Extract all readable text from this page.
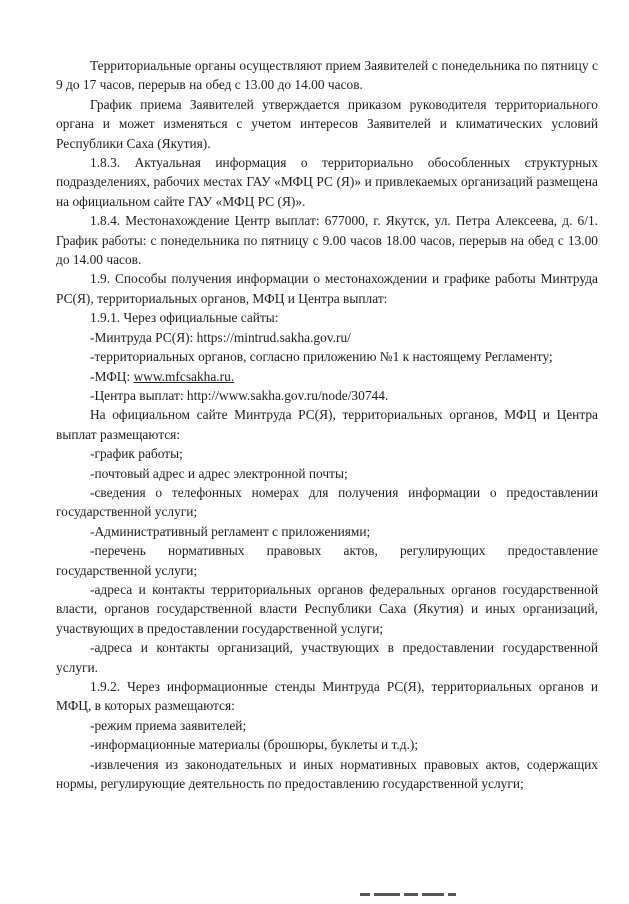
Территориальные органы осуществляют прием Заявителей с понедельника по пятницу с 9 до 17 часов, перерыв на обед с 13.00 до 14.00 часов.

График приема Заявителей утверждается приказом руководителя территориального органа и может изменяться с учетом интересов Заявителей и климатических условий Республики Саха (Якутия).

1.8.3. Актуальная информация о территориально обособленных структурных подразделениях, рабочих местах ГАУ «МФЦ РС (Я)» и привлекаемых организаций размещена на официальном сайте ГАУ «МФЦ РС (Я)».

1.8.4. Местонахождение Центр выплат: 677000, г. Якутск, ул. Петра Алексеева, д. 6/1. График работы: с понедельника по пятницу с 9.00 часов 18.00 часов, перерыв на обед с 13.00 до 14.00 часов.

1.9. Способы получения информации о местонахождении и графике работы Минтруда РС(Я), территориальных органов, МФЦ и Центра выплат:

1.9.1. Через официальные сайты:

-Минтруда РС(Я): https://mintrud.sakha.gov.ru/

-территориальных органов, согласно приложению №1 к настоящему Регламенту;

-МФЦ: www.mfcsakha.ru.

-Центра выплат: http://www.sakha.gov.ru/node/30744.

На официальном сайте Минтруда РС(Я), территориальных органов, МФЦ и Центра выплат размещаются:

-график работы;

-почтовый адрес и адрес электронной почты;

-сведения о телефонных номерах для получения информации о предоставлении государственной услуги;

-Административный регламент с приложениями;

-перечень нормативных правовых актов, регулирующих предоставление государственной услуги;

-адреса и контакты территориальных органов федеральных органов государственной власти, органов государственной власти Республики Саха (Якутия) и иных организаций, участвующих в предоставлении государственной услуги;

-адреса и контакты организаций, участвующих в предоставлении государственной услуги.

1.9.2. Через информационные стенды Минтруда РС(Я), территориальных органов и МФЦ, в которых размещаются:

-режим приема заявителей;

-информационные материалы (брошюры, буклеты и т.д.);

-извлечения из законодательных и иных нормативных правовых актов, содержащих нормы, регулирующие деятельность по предоставлению государственной услуги;
